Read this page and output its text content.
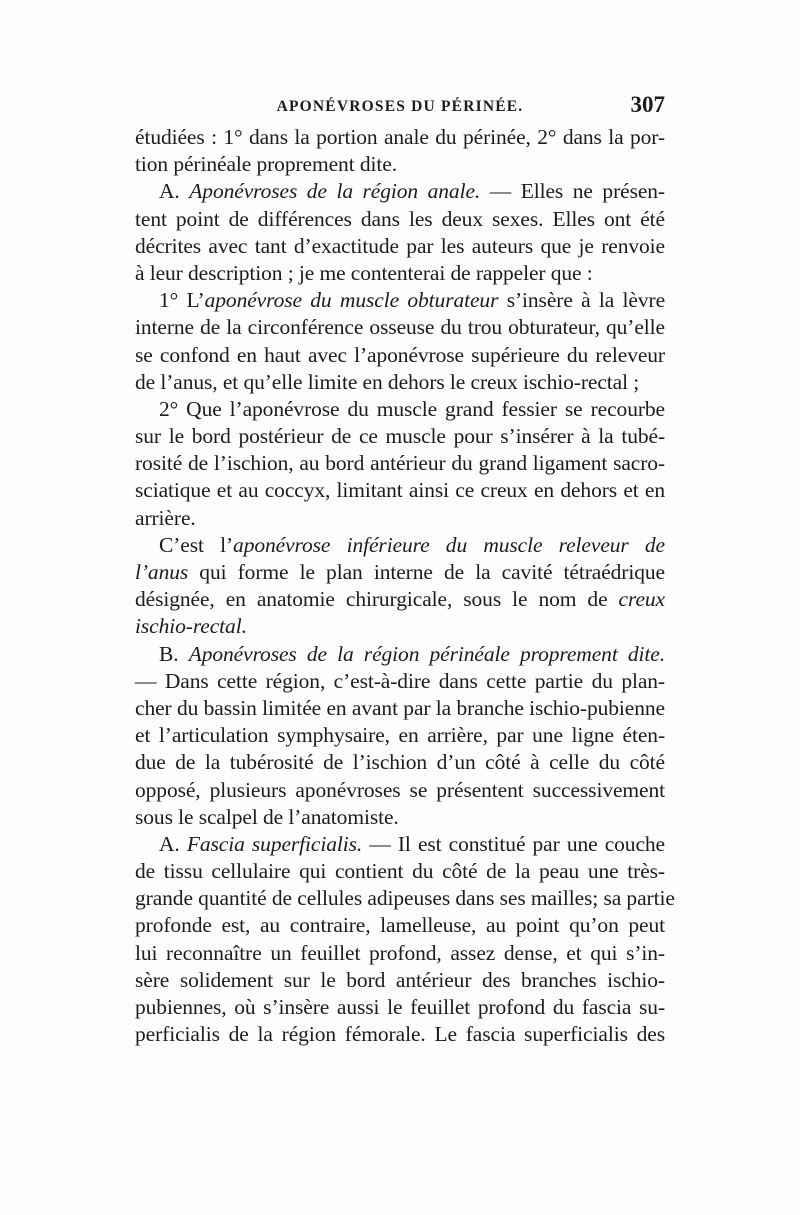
APONÉVROSES DU PÉRINÉE.	307
étudiées : 1° dans la portion anale du périnée, 2° dans la por-
tion périnéale proprement dite.
A. Aponévroses de la région anale. — Elles ne présen-
tent point de différences dans les deux sexes. Elles ont été
décrites avec tant d’exactitude par les auteurs que je renvoie
à leur description ; je me contenterai de rappeler que :
1° L’aponévrose du muscle obturateur s’insère à la lèvre
interne de la circonférence osseuse du trou obturateur, qu’elle
se confond en haut avec l’aponévrose supérieure du releveur
de l’anus, et qu’elle limite en dehors le creux ischio-rectal ;
2° Que l’aponévrose du muscle grand fessier se recourbe
sur le bord postérieur de ce muscle pour s’insérer à la tubé-
rosité de l’ischion, au bord antérieur du grand ligament sacro-
sciatique et au coccyx, limitant ainsi ce creux en dehors et en
arrière.
C’est l’aponévrose inférieure du muscle releveur de
l’anus qui forme le plan interne de la cavité tétraédrique
désignée, en anatomie chirurgicale, sous le nom de creux
ischio-rectal.
B. Aponévroses de la région périnéale proprement dite.
— Dans cette région, c’est-à-dire dans cette partie du plan-
cher du bassin limitée en avant par la branche ischio-pubienne
et l’articulation symphysaire, en arrière, par une ligne éten-
due de la tubérosité de l’ischion d’un côté à celle du côté
opposé, plusieurs aponévroses se présentent successivement
sous le scalpel de l’anatomiste.
A. Fascia superficialis. — Il est constitué par une couche
de tissu cellulaire qui contient du côté de la peau une très-
grande quantité de cellules adipeuses dans ses mailles; sa partie
profonde est, au contraire, lamelleuse, au point qu’on peut
lui reconnaître un feuillet profond, assez dense, et qui s’in-
sère solidement sur le bord antérieur des branches ischio-
pubiennes, où s’insère aussi le feuillet profond du fascia su-
perficialis de la région fémorale. Le fascia superficialis des
